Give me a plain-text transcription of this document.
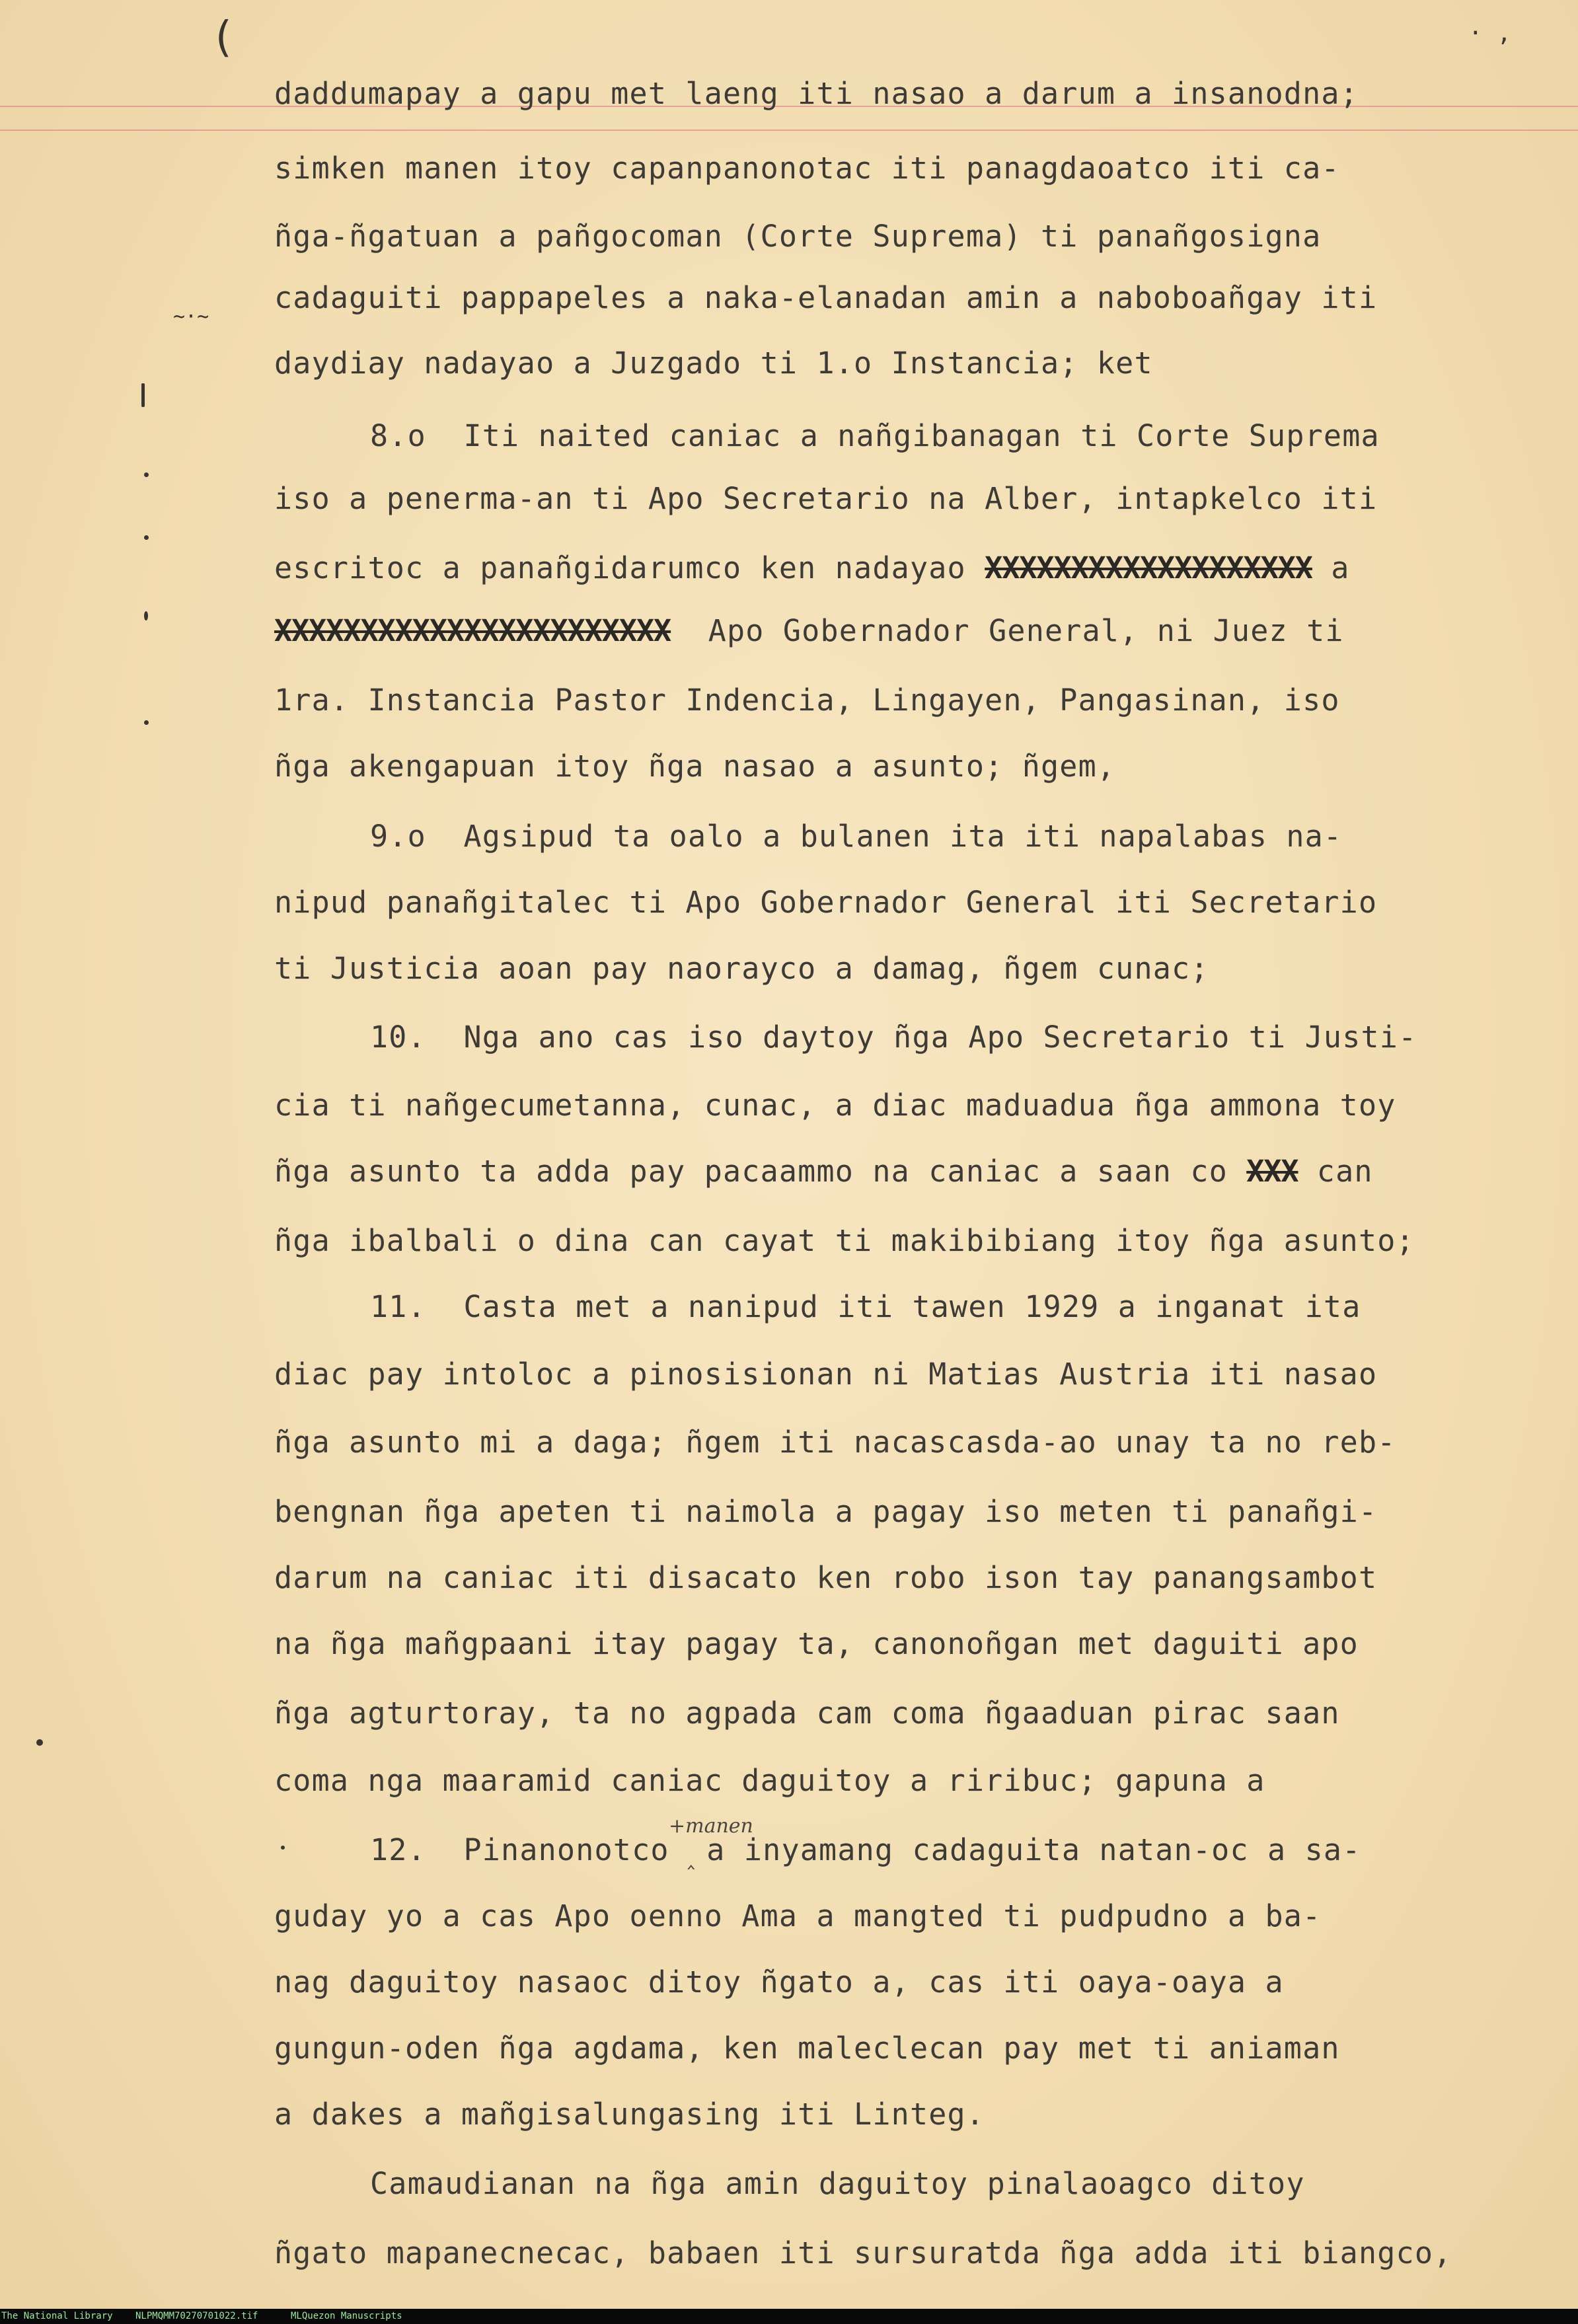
(	· ,
~·~
daddumapay a gapu met laeng iti nasao a darum a insanodna;
simken manen itoy capanpanonotac iti panagdaoatco iti ca-
ñga-ñgatuan a pañgocoman (Corte Suprema) ti panañgosigna
cadaguiti pappapeles a naka-elanadan amin a naboboañgay iti
daydiay nadayao a Juzgado ti 1.o Instancia; ket
8.o  Iti naited caniac a nañgibanagan ti Corte Suprema
iso a penerma-an ti Apo Secretario na Alber, intapkelco iti
escritoc a panañgidarumco ken nadayao XXXXXXXXXXXXXXXXXXX a
XXXXXXXXXXXXXXXXXXXXXXX Apo Gobernador General, ni Juez ti
1ra. Instancia Pastor Indencia, Lingayen, Pangasinan, iso
ñga akengapuan itoy ñga nasao a asunto; ñgem,
9.o  Agsipud ta oalo a bulanen ita iti napalabas na-
nipud panañgitalec ti Apo Gobernador General iti Secretario
ti Justicia aoan pay naorayco a damag, ñgem cunac;
10.  Nga ano cas iso daytoy ñga Apo Secretario ti Justi-
cia ti nañgecumetanna, cunac, a diac maduadua ñga ammona toy
ñga asunto ta adda pay pacaammo na caniac a saan co XXX can
ñga ibalbali o dina can cayat ti makibibiang itoy ñga asunto;
11.  Casta met a nanipud iti tawen 1929 a inganat ita
diac pay intoloc a pinosisionan ni Matias Austria iti nasao
ñga asunto mi a daga; ñgem iti nacascasda-ao unay ta no reb-
bengnan ñga apeten ti naimola a pagay iso meten ti panañgi-
darum na caniac iti disacato ken robo ison tay panangsambot
na ñga mañgpaani itay pagay ta, canonoñgan met daguiti apo
ñga agturtoray, ta no agpada cam coma ñgaaduan pirac saan
coma nga maaramid caniac daguitoy a riribuc; gapuna a
+manen
12.  Pinanonotco a inyamang cadaguita natan-oc a sa-
‸
guday yo a cas Apo oenno Ama a mangted ti pudpudno a ba-
nag daguitoy nasaoc ditoy ñgato a, cas iti oaya-oaya a
gungun-oden ñga agdama, ken maleclecan pay met ti aniaman
a dakes a mañgisalungasing iti Linteg.
Camaudianan na ñga amin daguitoy pinalaoagco ditoy
ñgato mapanecnecac, babaen iti sursuratda ñga adda iti biangco,
The National Library NLPMQMM70270701022.tif	MLQuezon Manuscripts
